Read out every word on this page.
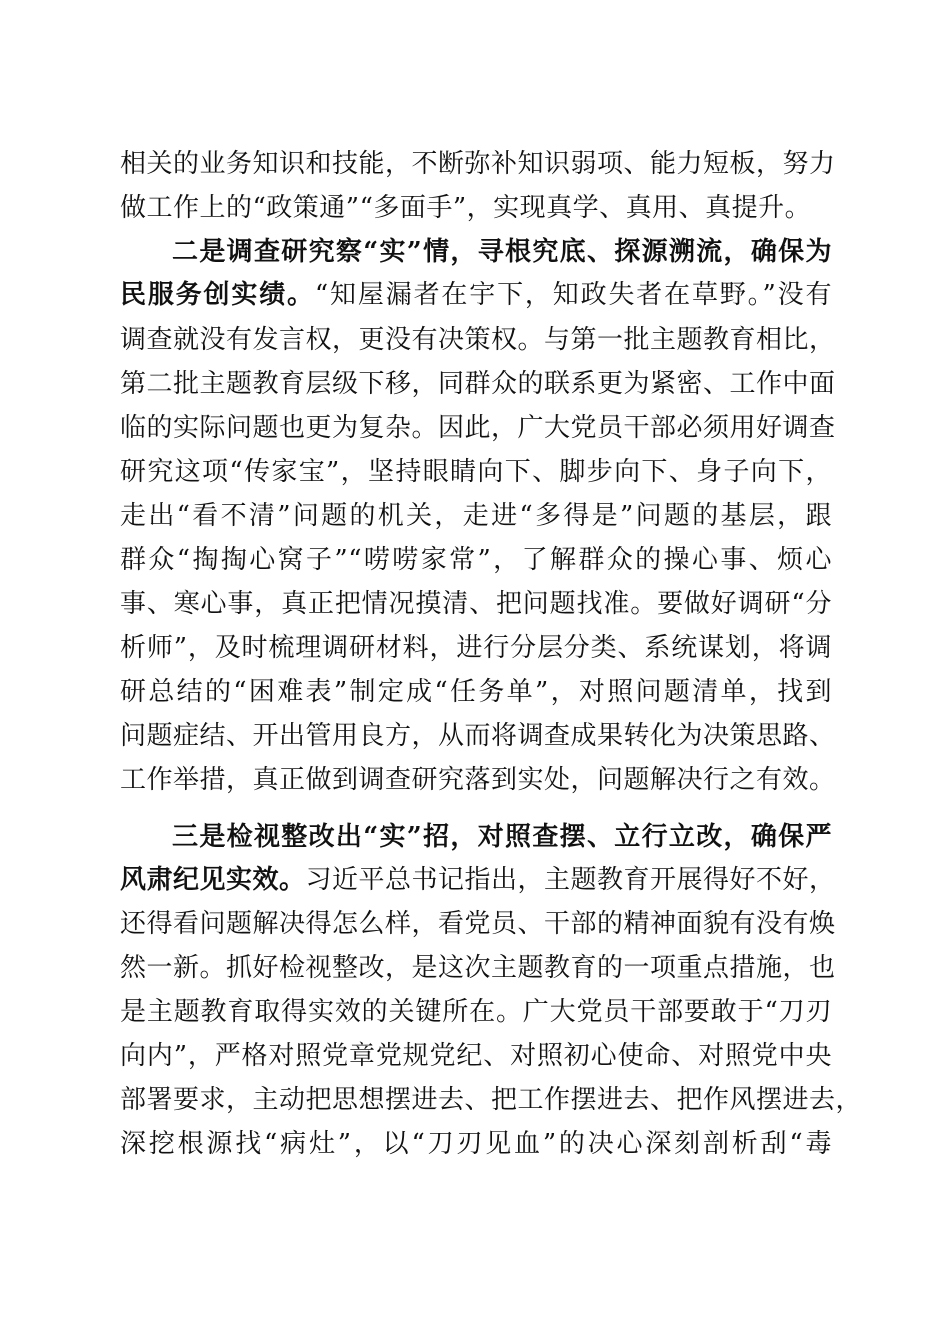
相关的业务知识和技能，不断弥补知识弱项、能力短板，努力
做工作上的“政策通”“多面手”，实现真学、真用、真提升。
二是调查研究察“实”情，寻根究底、探源溯流，确保为
民服务创实绩。“知屋漏者在宇下，知政失者在草野。”没有
调查就没有发言权，更没有决策权。与第一批主题教育相比，
第二批主题教育层级下移，同群众的联系更为紧密、工作中面
临的实际问题也更为复杂。因此，广大党员干部必须用好调查
研究这项“传家宝”，坚持眼睛向下、脚步向下、身子向下，
走出“看不清”问题的机关，走进“多得是”问题的基层，跟
群众“掏掏心窝子”“唠唠家常”，了解群众的操心事、烦心
事、寒心事，真正把情况摸清、把问题找准。要做好调研“分
析师”，及时梳理调研材料，进行分层分类、系统谋划，将调
研总结的“困难表”制定成“任务单”，对照问题清单，找到
问题症结、开出管用良方，从而将调查成果转化为决策思路、
工作举措，真正做到调查研究落到实处，问题解决行之有效。
三是检视整改出“实”招，对照查摆、立行立改，确保严
风肃纪见实效。习近平总书记指出，主题教育开展得好不好，
还得看问题解决得怎么样，看党员、干部的精神面貌有没有焕
然一新。抓好检视整改，是这次主题教育的一项重点措施，也
是主题教育取得实效的关键所在。广大党员干部要敢于“刀刃
向内”，严格对照党章党规党纪、对照初心使命、对照党中央
部署要求，主动把思想摆进去、把工作摆进去、把作风摆进去，
深挖根源找“病灶”，以“刀刃见血”的决心深刻剖析刮“毒
